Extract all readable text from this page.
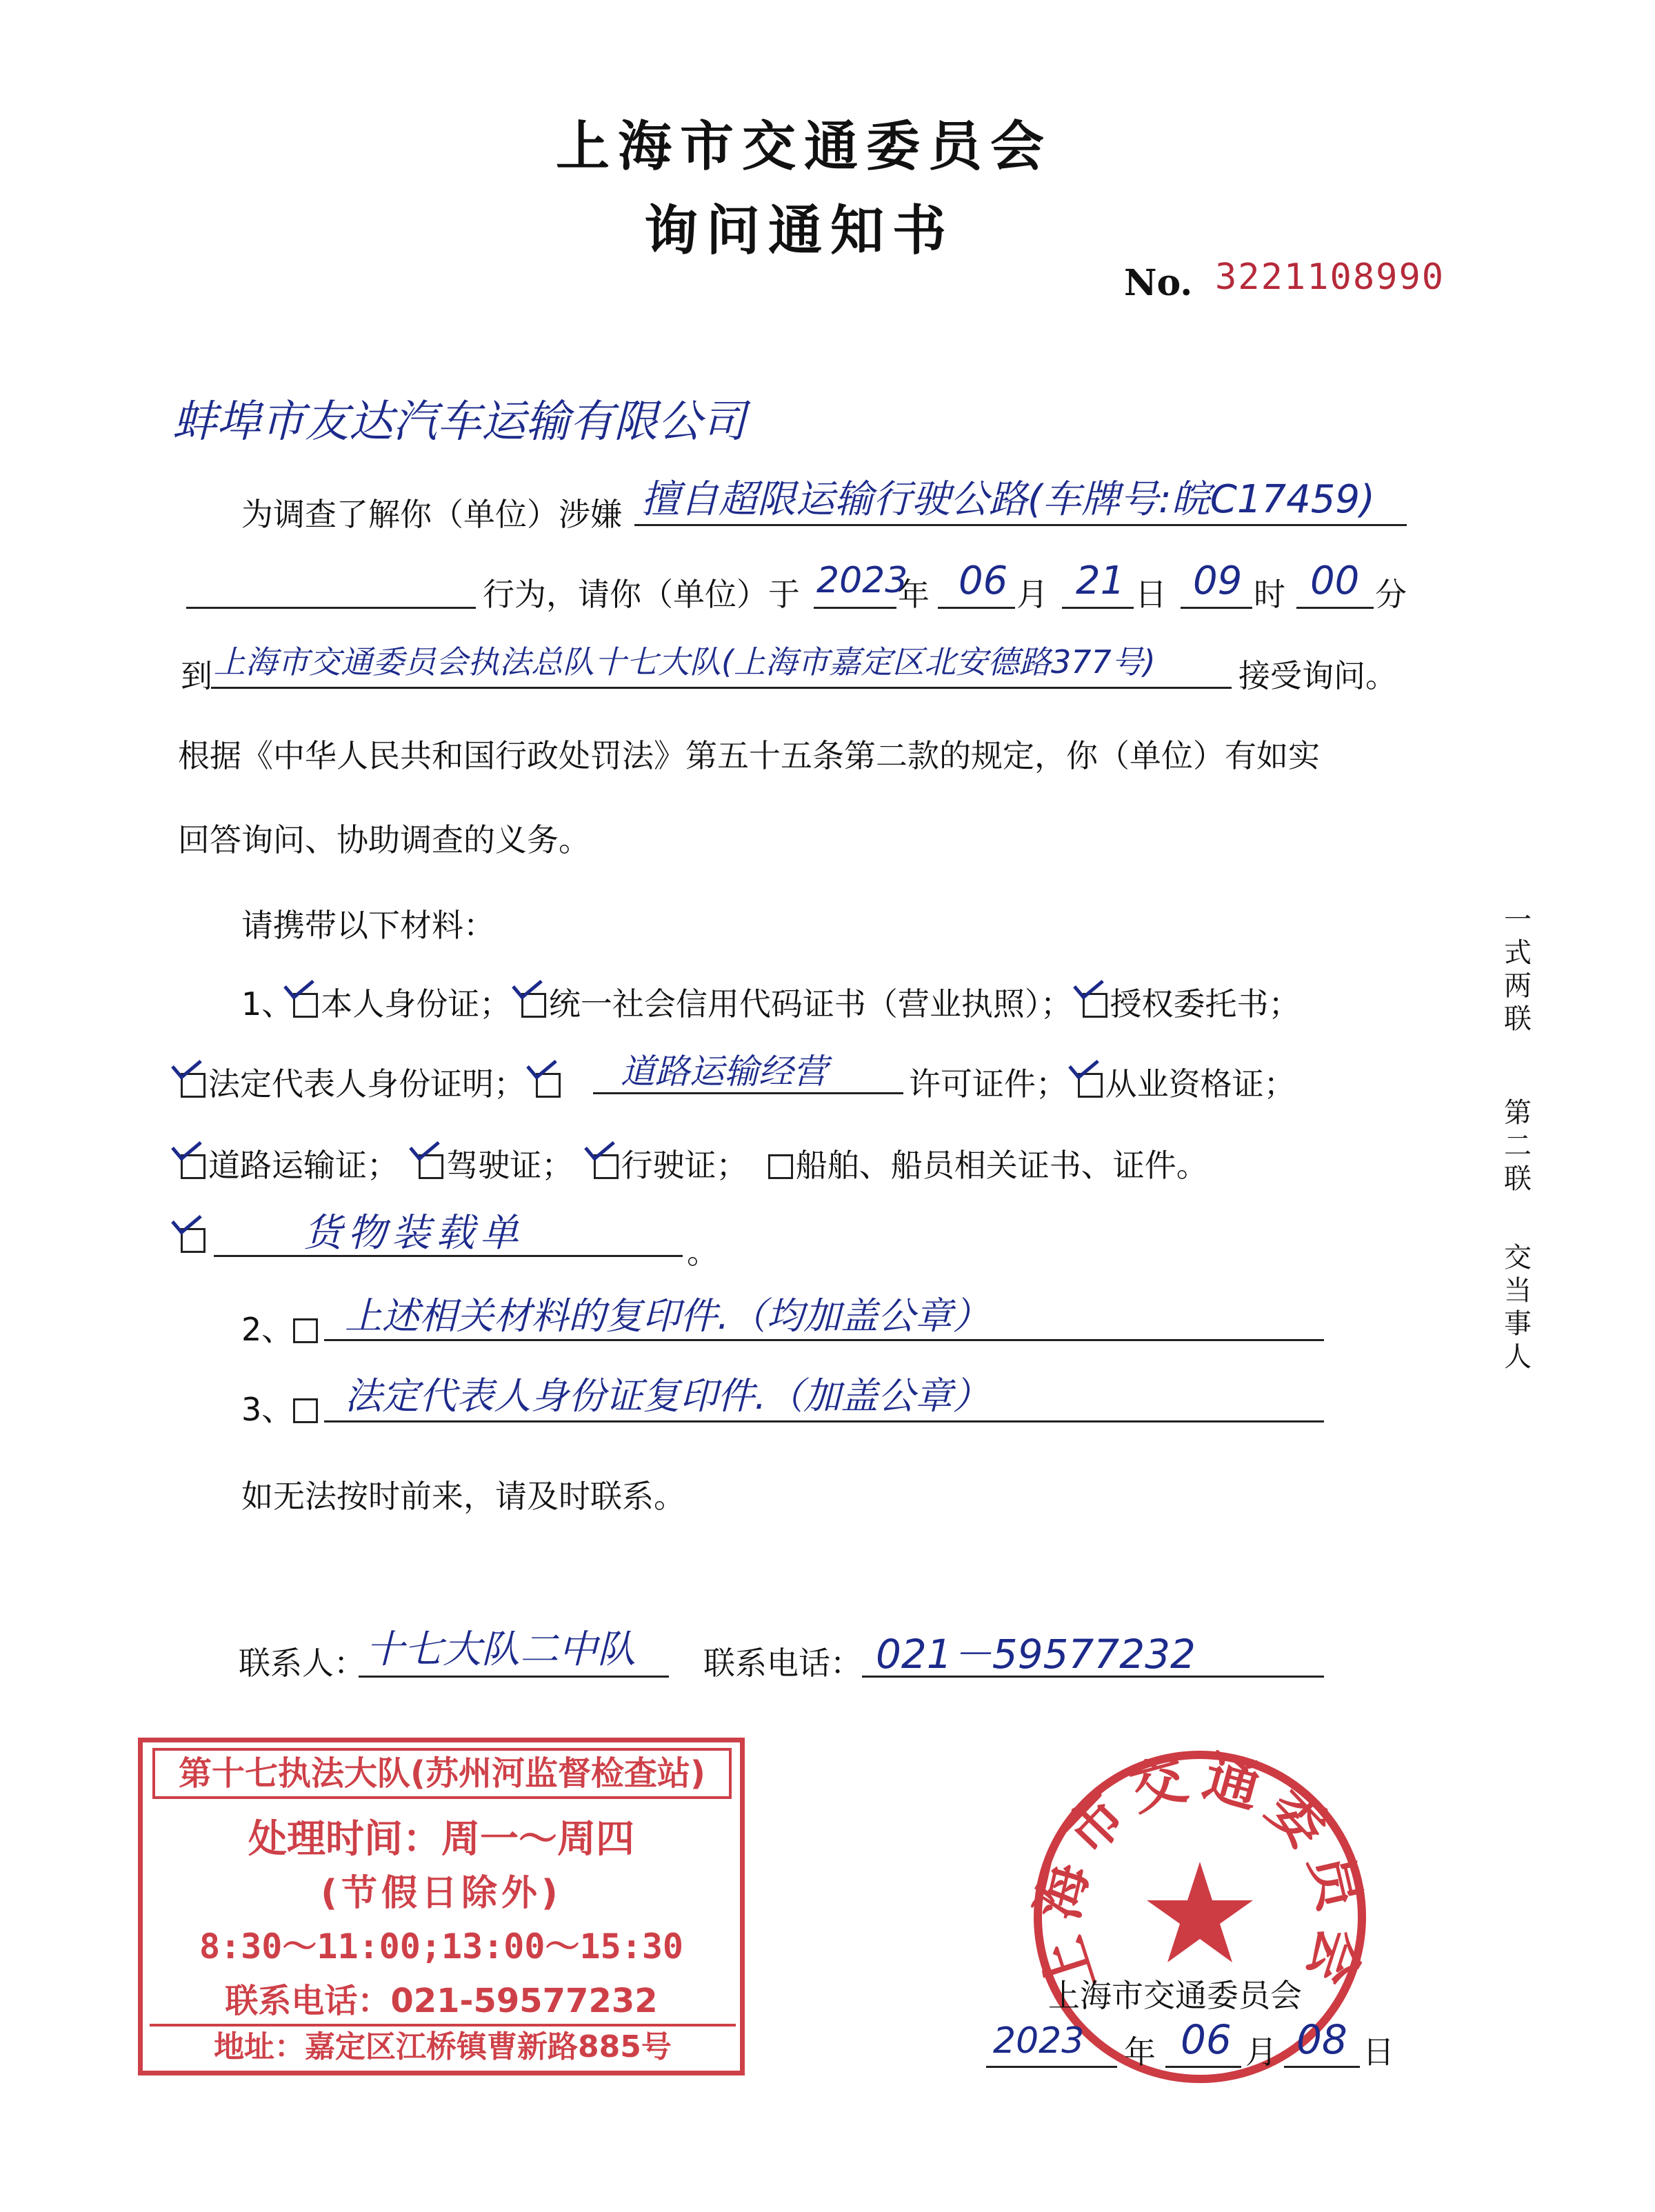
上海市交通委员会
询问通知书
No. 3221108990
蚌埠市友达汽车运输有限公司
为调查了解你（单位）涉嫌 擅自超限运输行驶公路(车牌号:皖C17459)
行为，请你（单位）于 2023
年 06 月 21 日 09 时 00 分
到 上海市交通委员会执法总队十七大队(上海市嘉定区北安德路377号)	接受询问。
根据《中华人民共和国行政处罚法》第五十五条第二款的规定，你（单位）有如实
回答询问、协助调查的义务。
请携带以下材料：
1、 本人身份证； 统一社会信用代码证书（营业执照）； 授权委托书；
法定代表人身份证明；	道路运输经营	许可证件； 从业资格证；
道路运输证； 驾驶证； 行驶证； 船舶、船员相关证书、证件。
货物装载单	。
2、	上述相关材料的复印件.（均加盖公章）
3、	法定代表人身份证复印件.（加盖公章）
如无法按时前来，请及时联系。
联系人： 十七大队二中队 联系电话： 021－59577232
一式两联
第二联
交当事人
第十七执法大队(苏州河监督检查站)
处理时间：周一～周四
(节假日除外)
8:30～11:00;13:00～15:30
联系电话：021-59577232
地址：嘉定区江桥镇曹新路885号
上海市交通委员会
上海市交通委员会
2023 年 06 月 08 日
